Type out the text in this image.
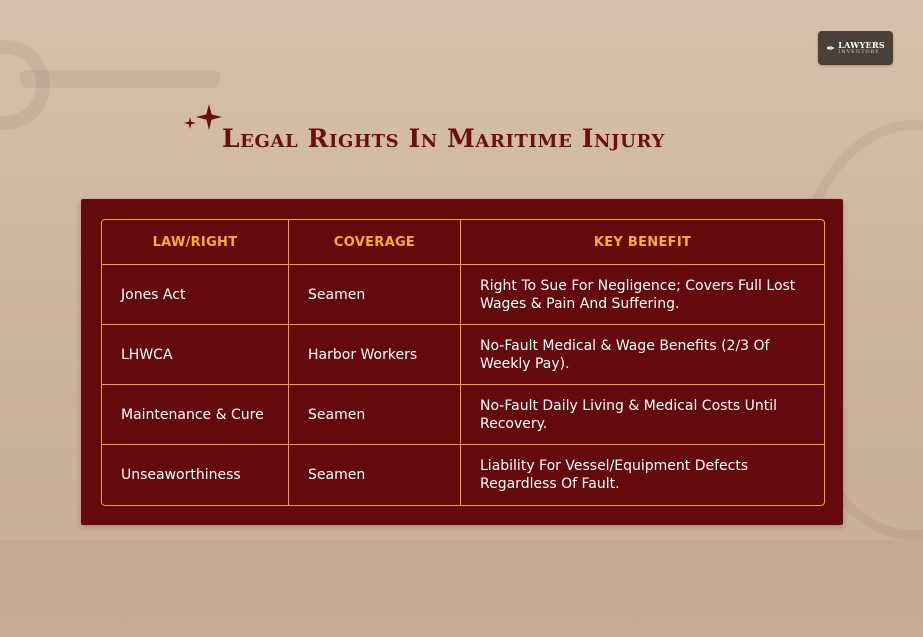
✒ LAWYERS
INVENTORY
Legal Rights In Maritime Injury
LAW/RIGHT	COVERAGE	KEY BENEFIT
Jones Act	Seamen	Right To Sue For Negligence; Covers Full Lost Wages & Pain And Suffering.
LHWCA	Harbor Workers	No-Fault Medical & Wage Benefits (2/3 Of Weekly Pay).
Maintenance & Cure	Seamen	No-Fault Daily Living & Medical Costs Until Recovery.
Unseaworthiness	Seamen	Liability For Vessel/Equipment Defects Regardless Of Fault.
